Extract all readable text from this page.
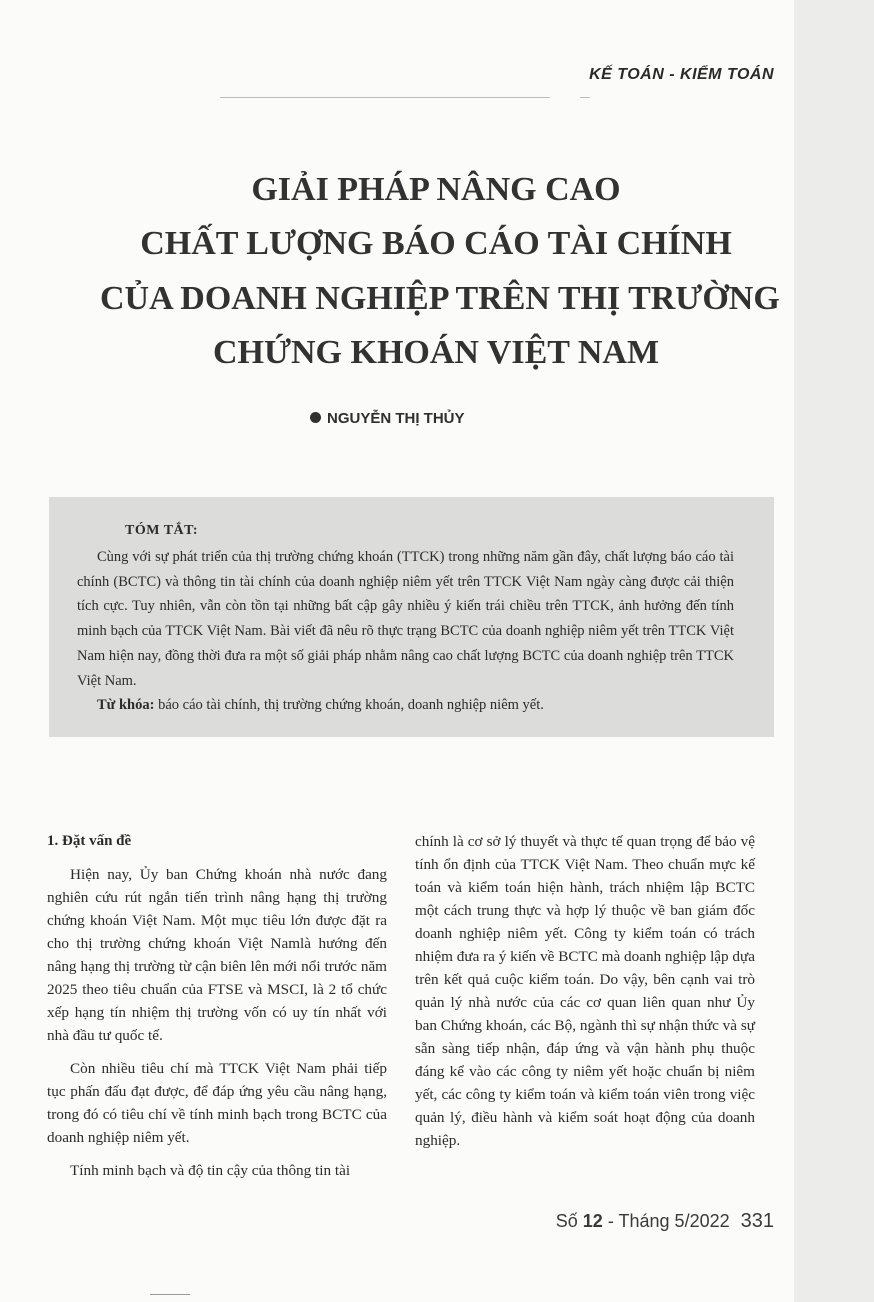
KẾ TOÁN - KIỂM TOÁN
GIẢI PHÁP NÂNG CAO
CHẤT LƯỢNG BÁO CÁO TÀI CHÍNH
CỦA DOANH NGHIỆP TRÊN THỊ TRƯỜNG
CHỨNG KHOÁN VIỆT NAM
NGUYỄN THỊ THỦY
TÓM TẮT:

Cùng với sự phát triển của thị trường chứng khoán (TTCK) trong những năm gần đây, chất lượng báo cáo tài chính (BCTC) và thông tin tài chính của doanh nghiệp niêm yết trên TTCK Việt Nam ngày càng được cải thiện tích cực. Tuy nhiên, vẫn còn tồn tại những bất cập gây nhiều ý kiến trái chiều trên TTCK, ảnh hưởng đến tính minh bạch của TTCK Việt Nam. Bài viết đã nêu rõ thực trạng BCTC của doanh nghiệp niêm yết trên TTCK Việt Nam hiện nay, đồng thời đưa ra một số giải pháp nhằm nâng cao chất lượng BCTC của doanh nghiệp trên TTCK Việt Nam.

Từ khóa: báo cáo tài chính, thị trường chứng khoán, doanh nghiệp niêm yết.

1. Đặt vấn đề

Hiện nay, Ủy ban Chứng khoán nhà nước đang nghiên cứu rút ngắn tiến trình nâng hạng thị trường chứng khoán Việt Nam. Một mục tiêu lớn được đặt ra cho thị trường chứng khoán Việt Namlà hướng đến nâng hạng thị trường từ cận biên lên mới nổi trước năm 2025 theo tiêu chuẩn của FTSE và MSCI, là 2 tổ chức xếp hạng tín nhiệm thị trường vốn có uy tín nhất với nhà đầu tư quốc tế.

Còn nhiều tiêu chí mà TTCK Việt Nam phải tiếp tục phấn đấu đạt được, để đáp ứng yêu cầu nâng hạng, trong đó có tiêu chí về tính minh bạch trong BCTC của doanh nghiệp niêm yết.

Tính minh bạch và độ tin cậy của thông tin tài

chính là cơ sở lý thuyết và thực tế quan trọng để bảo vệ tính ổn định của TTCK Việt Nam. Theo chuẩn mực kế toán và kiểm toán hiện hành, trách nhiệm lập BCTC một cách trung thực và hợp lý thuộc về ban giám đốc doanh nghiệp niêm yết. Công ty kiểm toán có trách nhiệm đưa ra ý kiến về BCTC mà doanh nghiệp lập dựa trên kết quả cuộc kiểm toán. Do vậy, bên cạnh vai trò quản lý nhà nước của các cơ quan liên quan như Ủy ban Chứng khoán, các Bộ, ngành thì sự nhận thức và sự sẵn sàng tiếp nhận, đáp ứng và vận hành phụ thuộc đáng kể vào các công ty niêm yết hoặc chuẩn bị niêm yết, các công ty kiểm toán và kiểm toán viên trong việc quản lý, điều hành và kiểm soát hoạt động của doanh nghiệp.

Số 12 - Tháng 5/2022 331
